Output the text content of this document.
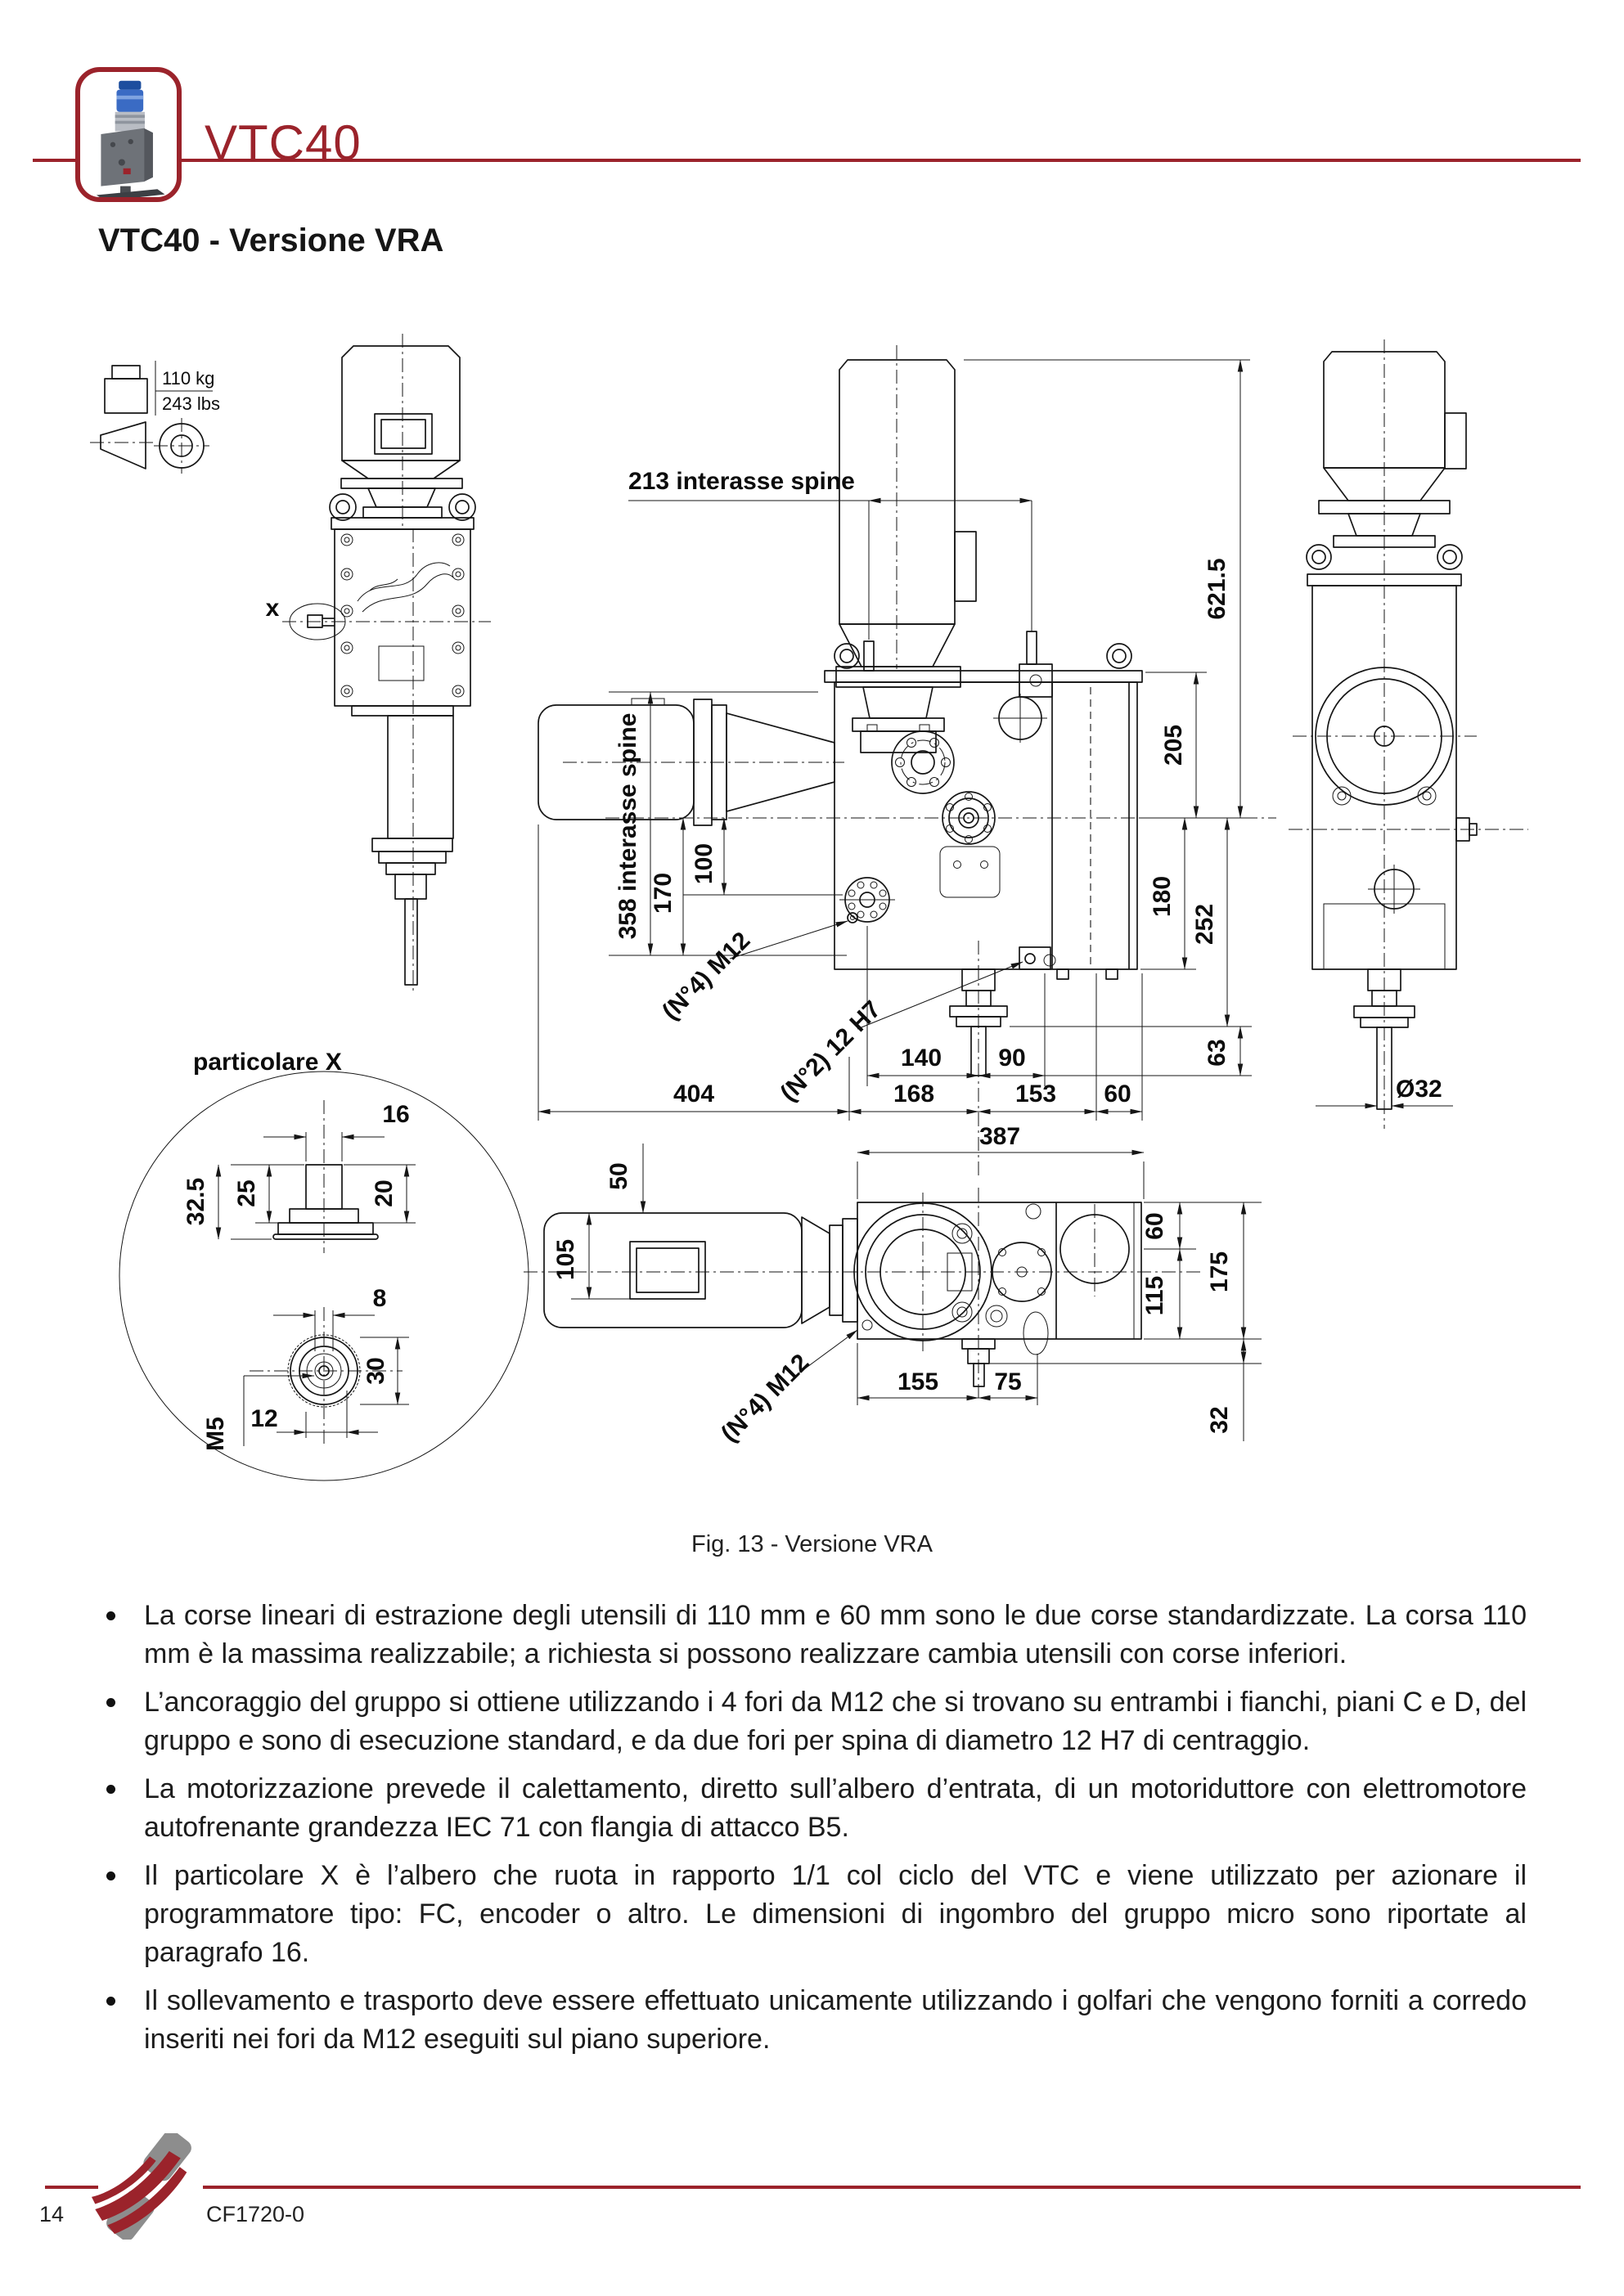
VTC40
VTC40 - Versione VRA
110 kg
243 lbs
x
213 interasse spine
358 interasse spine 170
100
(N°4) M12
(N°2) 12 H7 140 90
404	168	153 60
387
205
180
252
63
621.5
Ø32
50
105
60
115
175
32
155 75
(N°4) M12
particolare X
16
20
25
32.5
8
30
12
M5
Fig. 13 - Versione VRA
La corse lineari di estrazione degli utensili di 110 mm e 60 mm sono le due corse standardizzate. La corsa 110 mm è la massima realizzabile; a richiesta si possono realizzare cambia utensili con corse inferiori.
L’ancoraggio del gruppo si ottiene utilizzando i 4 fori da M12 che si trovano su entrambi i fianchi, piani C e D, del gruppo e sono di esecuzione standard, e da due fori per spina di diametro 12 H7 di centraggio.
La motorizzazione prevede il calettamento, diretto sull’albero d’entrata, di un motoriduttore con elettromotore autofrenante grandezza IEC 71 con flangia di attacco B5.
Il particolare X è l’albero che ruota in rapporto 1/1 col ciclo del VTC e viene utilizzato per azionare il programmatore tipo: FC, encoder o altro. Le dimensioni di ingombro del gruppo micro sono riportate al paragrafo 16.
Il sollevamento e trasporto deve essere effettuato unicamente utilizzando i golfari che vengono forniti a corredo inseriti nei fori da M12 eseguiti sul piano superiore.
14	CF1720-0
